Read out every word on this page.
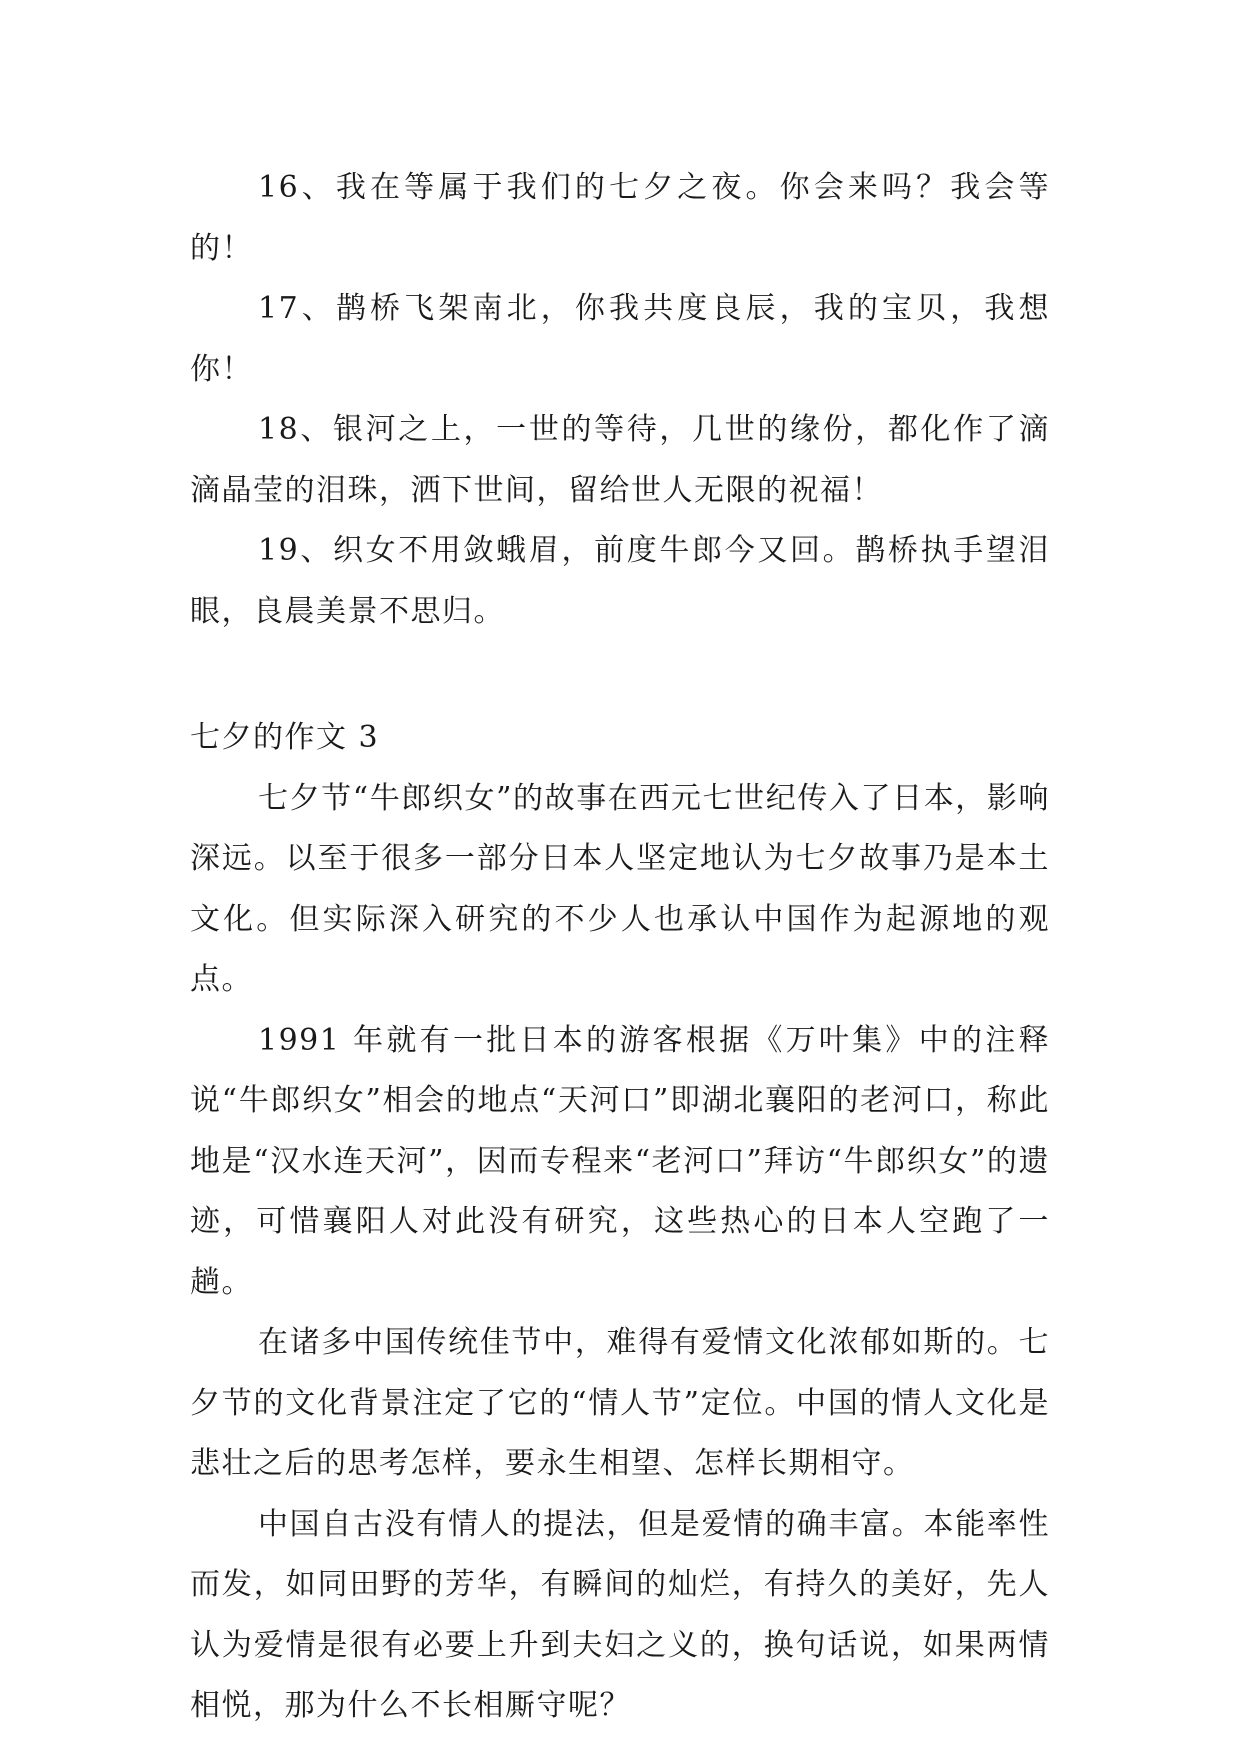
16、我在等属于我们的七夕之夜。你会来吗？我会等的！

17、鹊桥飞架南北，你我共度良辰，我的宝贝，我想你！

18、银河之上，一世的等待，几世的缘份，都化作了滴滴晶莹的泪珠，洒下世间，留给世人无限的祝福！

19、织女不用敛蛾眉，前度牛郎今又回。鹊桥执手望泪眼，良晨美景不思归。

七夕的作文 3

七夕节“牛郎织女”的故事在西元七世纪传入了日本，影响深远。以至于很多一部分日本人坚定地认为七夕故事乃是本土文化。但实际深入研究的不少人也承认中国作为起源地的观点。

1991 年就有一批日本的游客根据《万叶集》中的注释说“牛郎织女”相会的地点“天河口”即湖北襄阳的老河口，称此地是“汉水连天河”，因而专程来“老河口”拜访“牛郎织女”的遗迹，可惜襄阳人对此没有研究，这些热心的日本人空跑了一趟。

在诸多中国传统佳节中，难得有爱情文化浓郁如斯的。七夕节的文化背景注定了它的“情人节”定位。中国的情人文化是悲壮之后的思考怎样，要永生相望、怎样长期相守。

中国自古没有情人的提法，但是爱情的确丰富。本能率性而发，如同田野的芳华，有瞬间的灿烂，有持久的美好，先人认为爱情是很有必要上升到夫妇之义的，换句话说，如果两情相悦，那为什么不长相厮守呢？
